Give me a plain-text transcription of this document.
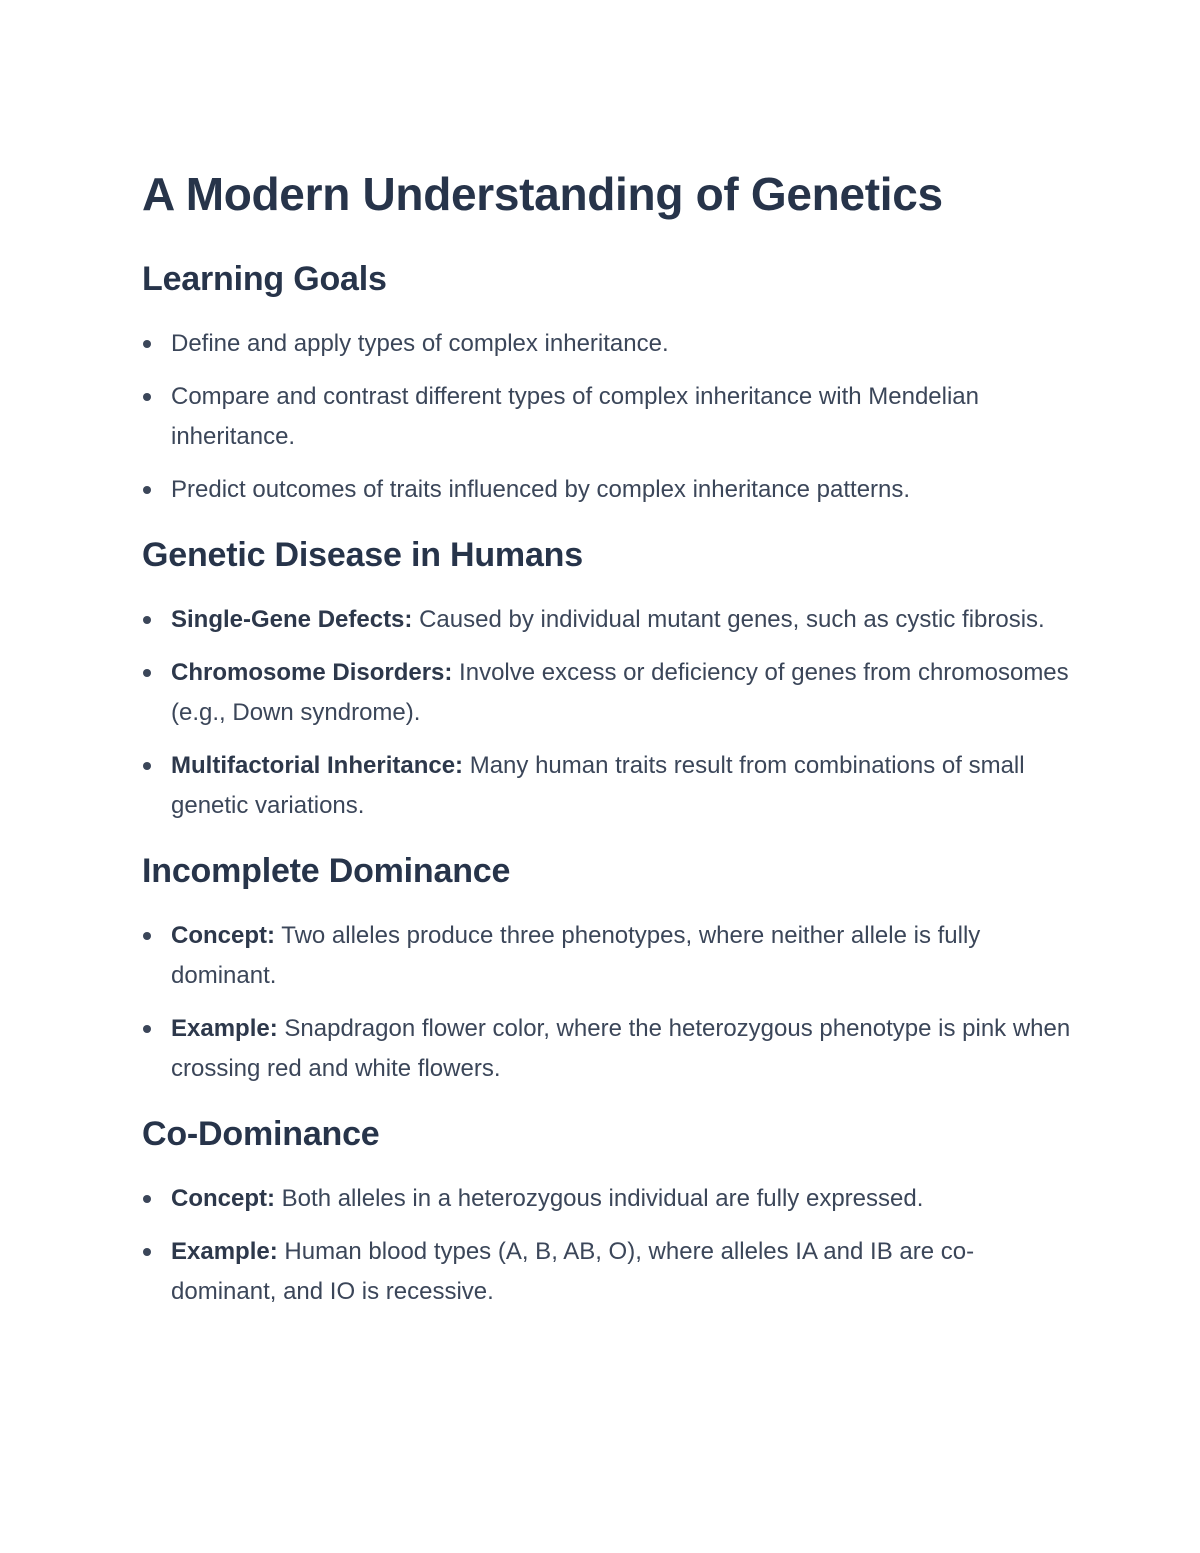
A Modern Understanding of Genetics
Learning Goals
Define and apply types of complex inheritance.
Compare and contrast different types of complex inheritance with Mendelian inheritance.
Predict outcomes of traits influenced by complex inheritance patterns.
Genetic Disease in Humans
Single-Gene Defects: Caused by individual mutant genes, such as cystic fibrosis.
Chromosome Disorders: Involve excess or deficiency of genes from chromosomes (e.g., Down syndrome).
Multifactorial Inheritance: Many human traits result from combinations of small genetic variations.
Incomplete Dominance
Concept: Two alleles produce three phenotypes, where neither allele is fully dominant.
Example: Snapdragon flower color, where the heterozygous phenotype is pink when crossing red and white flowers.
Co-Dominance
Concept: Both alleles in a heterozygous individual are fully expressed.
Example: Human blood types (A, B, AB, O), where alleles IA and IB are co-dominant, and IO is recessive.
